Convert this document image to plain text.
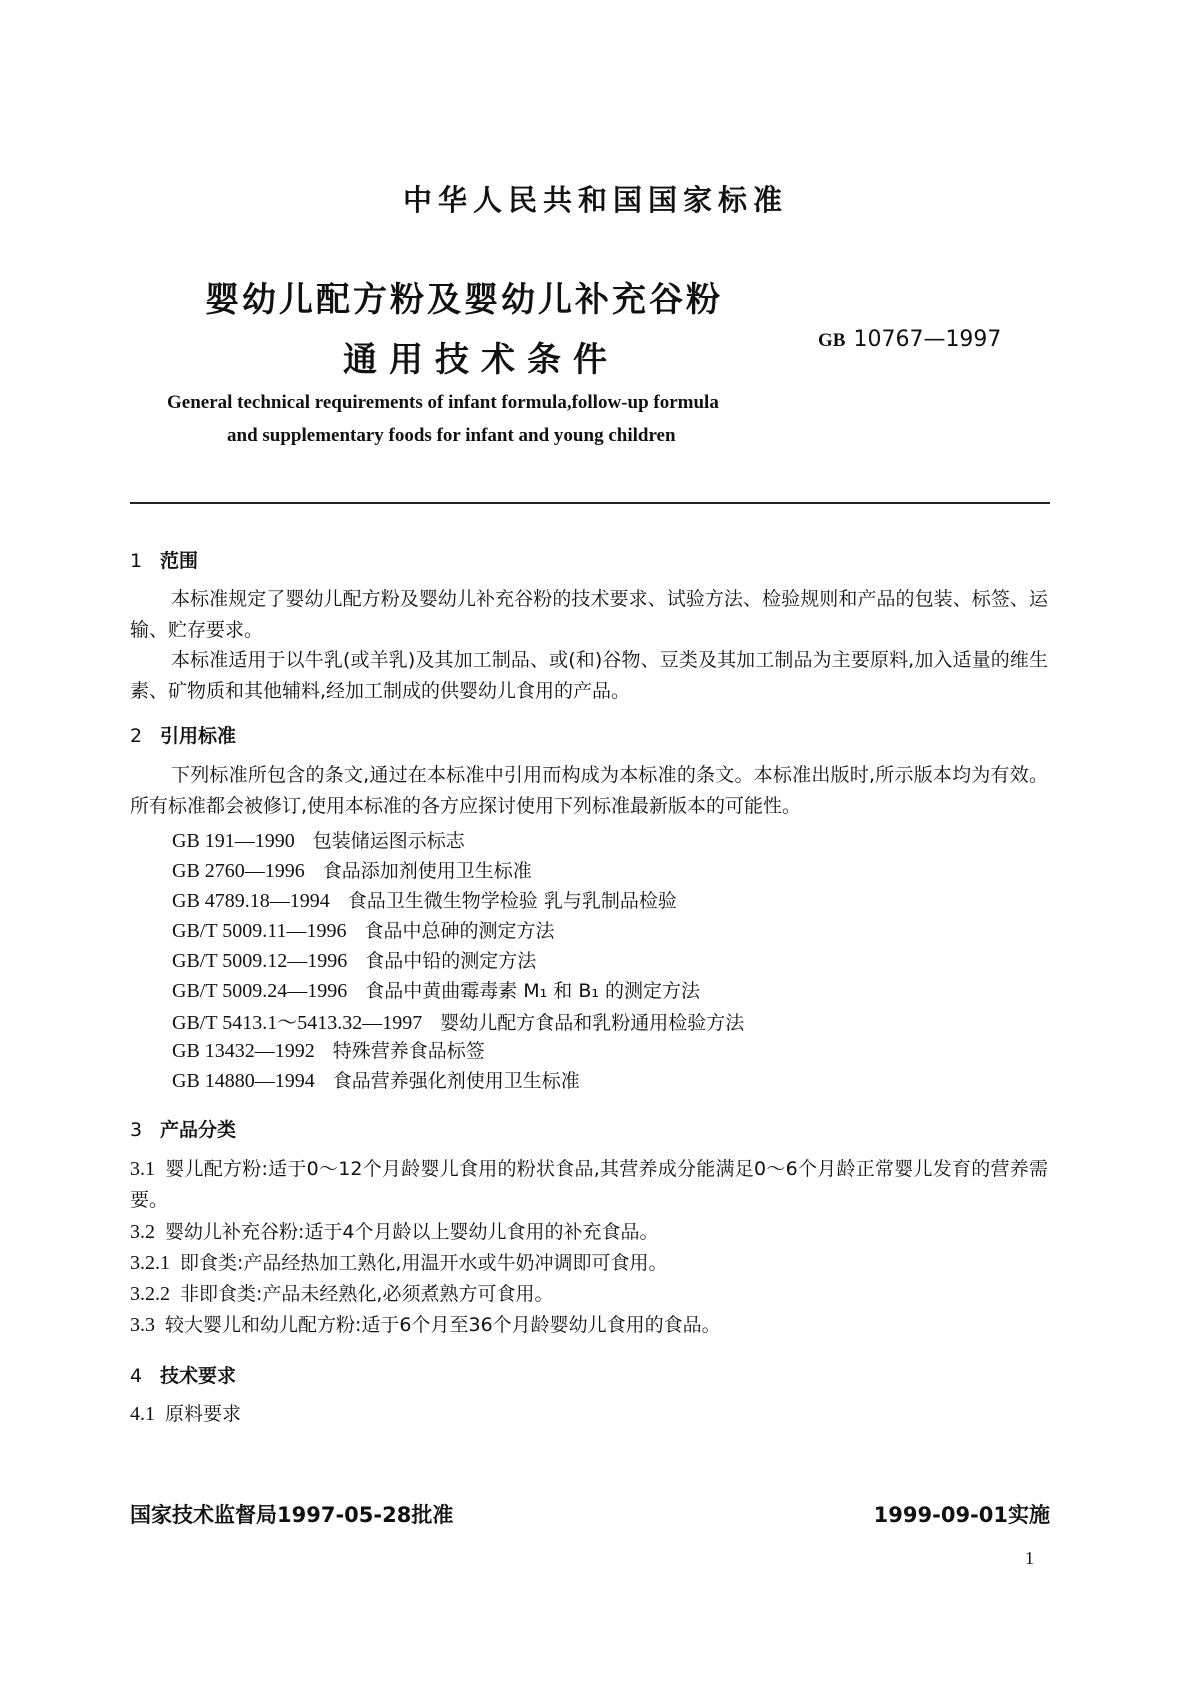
中华人民共和国国家标准
婴幼儿配方粉及婴幼儿补充谷粉
通用技术条件	GB 10767—1997
General technical requirements of infant formula,follow-up formula
and supplementary foods for infant and young children
1 范围
本标准规定了婴幼儿配方粉及婴幼儿补充谷粉的技术要求、试验方法、检验规则和产品的包装、标签、运输、贮存要求。
本标准适用于以牛乳(或羊乳)及其加工制品、或(和)谷物、豆类及其加工制品为主要原料,加入适量的维生素、矿物质和其他辅料,经加工制成的供婴幼儿食用的产品。
2 引用标准
下列标准所包含的条文,通过在本标准中引用而构成为本标准的条文。本标准出版时,所示版本均为有效。所有标准都会被修订,使用本标准的各方应探讨使用下列标准最新版本的可能性。
GB 191—1990 包装储运图示标志
GB 2760—1996 食品添加剂使用卫生标准
GB 4789.18—1994 食品卫生微生物学检验 乳与乳制品检验
GB/T 5009.11—1996 食品中总砷的测定方法
GB/T 5009.12—1996 食品中铅的测定方法
GB/T 5009.24—1996 食品中黄曲霉毒素 M₁ 和 B₁ 的测定方法
GB/T 5413.1～5413.32—1997 婴幼儿配方食品和乳粉通用检验方法
GB 13432—1992 特殊营养食品标签
GB 14880—1994 食品营养强化剂使用卫生标准
3 产品分类
3.1 婴儿配方粉:适于0～12个月龄婴儿食用的粉状食品,其营养成分能满足0～6个月龄正常婴儿发育的营养需要。
3.2 婴幼儿补充谷粉:适于4个月龄以上婴幼儿食用的补充食品。
3.2.1 即食类:产品经热加工熟化,用温开水或牛奶冲调即可食用。
3.2.2 非即食类:产品未经熟化,必须煮熟方可食用。
3.3 较大婴儿和幼儿配方粉:适于6个月至36个月龄婴幼儿食用的食品。
4 技术要求
4.1 原料要求
国家技术监督局1997-05-28批准	1999-09-01实施
1
